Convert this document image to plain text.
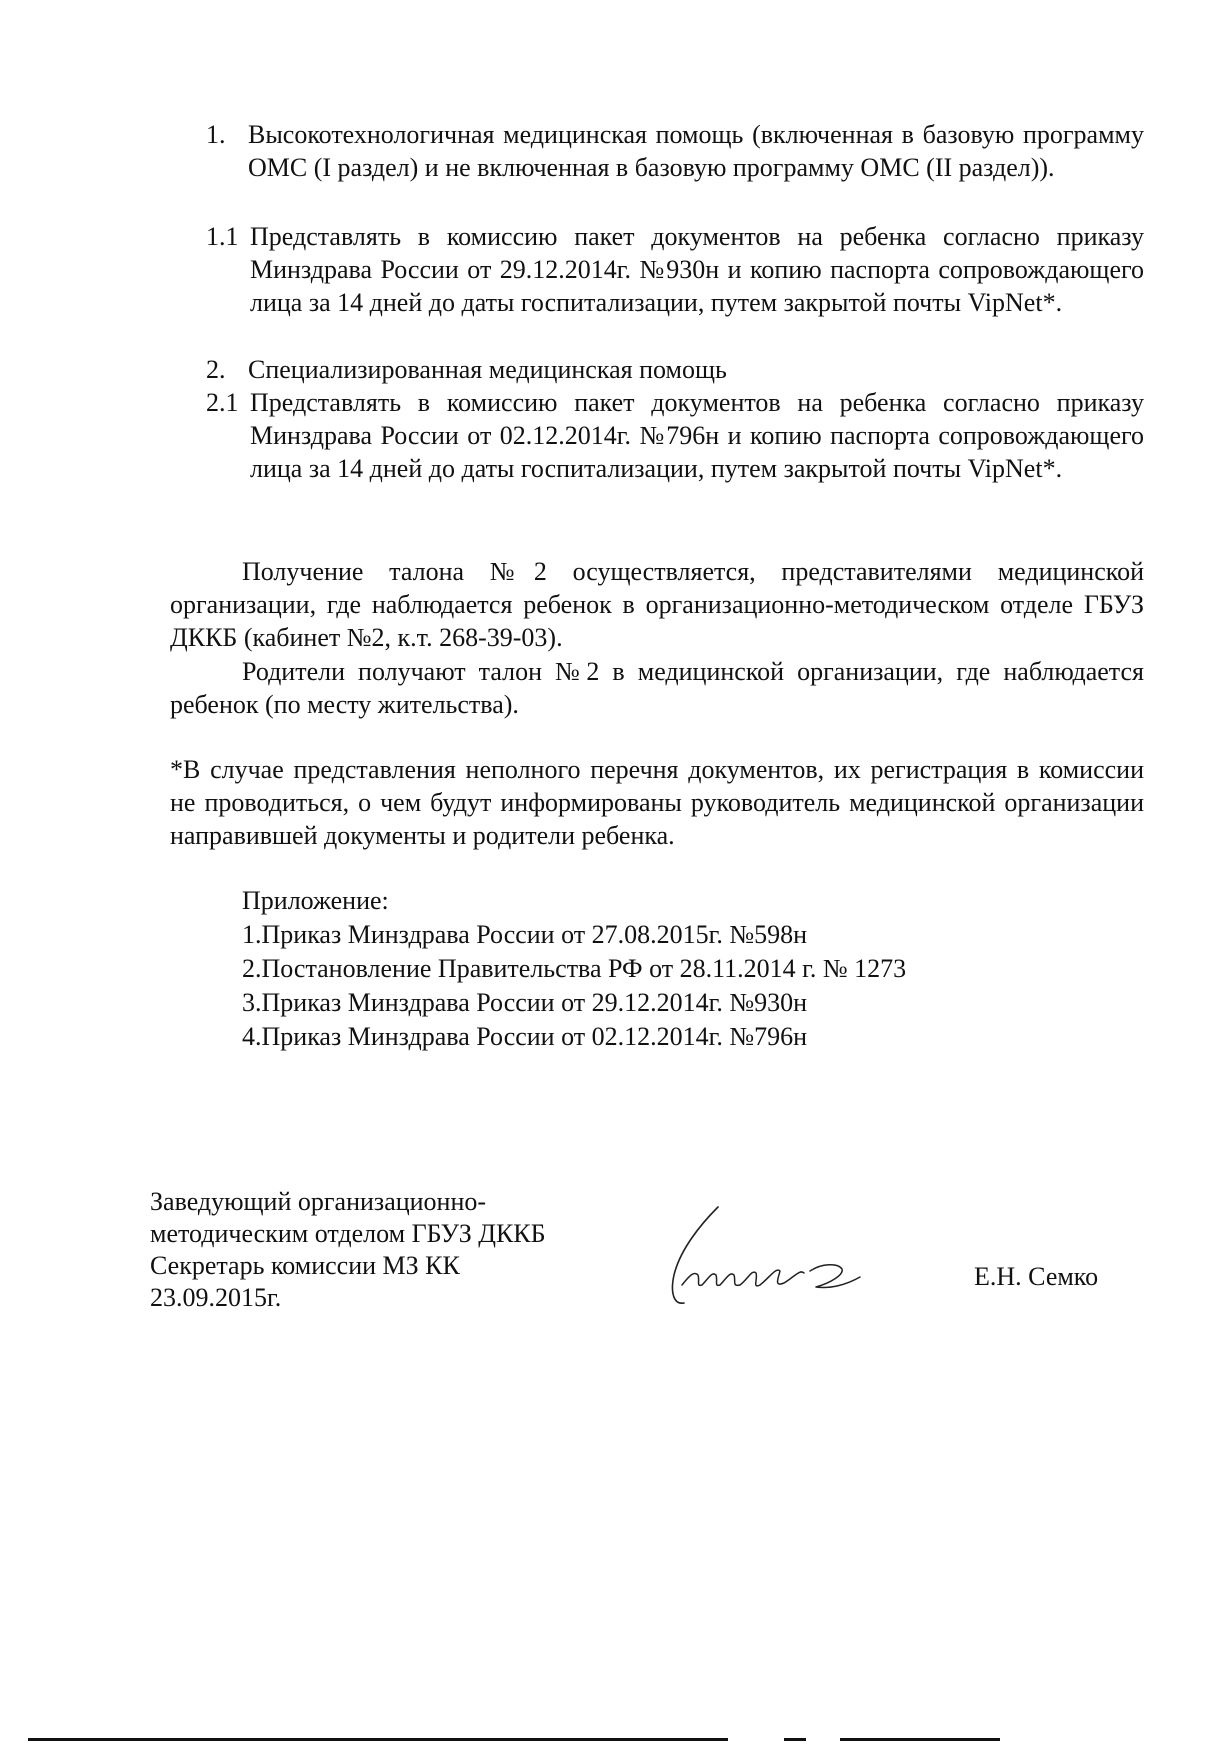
1. Высокотехнологичная медицинская помощь (включенная в базовую программу ОМС (I раздел) и не включенная в базовую программу ОМС (II раздел)).
1.1 Представлять в комиссию пакет документов на ребенка согласно приказу Минздрава России от 29.12.2014г. №930н и копию паспорта сопровождающего лица за 14 дней до даты госпитализации, путем закрытой почты VipNet*.
2. Специализированная медицинская помощь
2.1 Представлять в комиссию пакет документов на ребенка согласно приказу Минздрава России от 02.12.2014г. №796н и копию паспорта сопровождающего лица за 14 дней до даты госпитализации, путем закрытой почты VipNet*.
Получение талона №2 осуществляется, представителями медицинской организации, где наблюдается ребенок в организационно-методическом отделе ГБУЗ ДККБ (кабинет №2, к.т. 268-39-03).
Родители получают талон №2 в медицинской организации, где наблюдается ребенок (по месту жительства).
*В случае представления неполного перечня документов, их регистрация в комиссии не проводиться, о чем будут информированы руководитель медицинской организации направившей документы и родители ребенка.
Приложение:
1.Приказ Минздрава России от 27.08.2015г. №598н
2.Постановление Правительства РФ от 28.11.2014 г. № 1273
3.Приказ Минздрава России от 29.12.2014г. №930н
4.Приказ Минздрава России от 02.12.2014г. №796н
Заведующий организационно-
методическим отделом ГБУЗ ДККБ
Секретарь комиссии МЗ КК
23.09.2015г.
Е.Н. Семко
